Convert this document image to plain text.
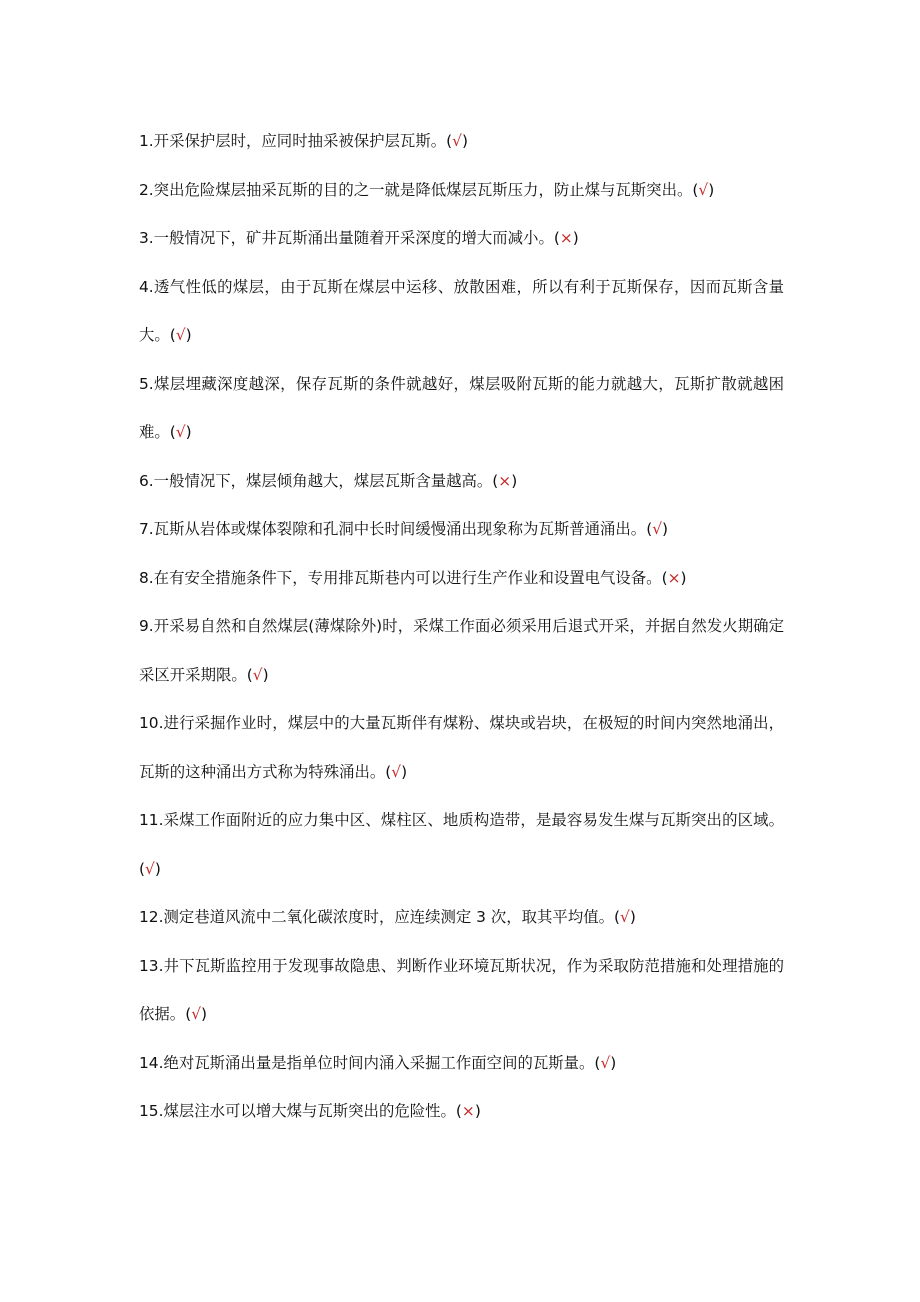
1.开采保护层时，应同时抽采被保护层瓦斯。(√)
2.突出危险煤层抽采瓦斯的目的之一就是降低煤层瓦斯压力，防止煤与瓦斯突出。(√)
3.一般情况下，矿井瓦斯涌出量随着开采深度的增大而减小。(×)
4.透气性低的煤层，由于瓦斯在煤层中运移、放散困难，所以有利于瓦斯保存，因而瓦斯含量大。(√)
5.煤层埋藏深度越深，保存瓦斯的条件就越好，煤层吸附瓦斯的能力就越大，瓦斯扩散就越困难。(√)
6.一般情况下，煤层倾角越大，煤层瓦斯含量越高。(×)
7.瓦斯从岩体或煤体裂隙和孔洞中长时间缓慢涌出现象称为瓦斯普通涌出。(√)
8.在有安全措施条件下，专用排瓦斯巷内可以进行生产作业和设置电气设备。(×)
9.开采易自然和自然煤层(薄煤除外)时，采煤工作面必须采用后退式开采，并据自然发火期确定采区开采期限。(√)
10.进行采掘作业时，煤层中的大量瓦斯伴有煤粉、煤块或岩块，在极短的时间内突然地涌出，瓦斯的这种涌出方式称为特殊涌出。(√)
11.采煤工作面附近的应力集中区、煤柱区、地质构造带，是最容易发生煤与瓦斯突出的区域。(√)
12.测定巷道风流中二氧化碳浓度时，应连续测定 3 次，取其平均值。(√)
13.井下瓦斯监控用于发现事故隐患、判断作业环境瓦斯状况，作为采取防范措施和处理措施的依据。(√)
14.绝对瓦斯涌出量是指单位时间内涌入采掘工作面空间的瓦斯量。(√)
15.煤层注水可以增大煤与瓦斯突出的危险性。(×)
